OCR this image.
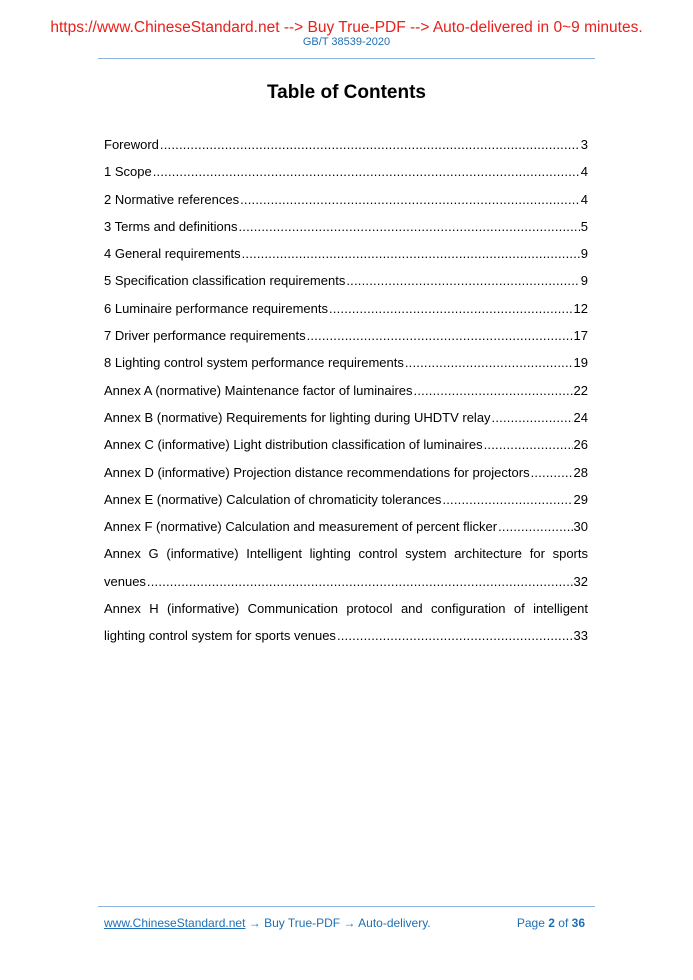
https://www.ChineseStandard.net --> Buy True-PDF --> Auto-delivered in 0~9 minutes.
GB/T 38539-2020
Table of Contents
Foreword .....	3
1 Scope .....	4
2 Normative references .....	4
3 Terms and definitions .....	5
4 General requirements .....	9
5 Specification classification requirements .....	9
6 Luminaire performance requirements .....	12
7 Driver performance requirements .....	17
8 Lighting control system performance requirements .....	19
Annex A (normative) Maintenance factor of luminaires .....	22
Annex B (normative) Requirements for lighting during UHDTV relay .....	24
Annex C (informative) Light distribution classification of luminaires .....	26
Annex D (informative) Projection distance recommendations for projectors .....	28
Annex E (normative) Calculation of chromaticity tolerances .....	29
Annex F (normative) Calculation and measurement of percent flicker .....	30
Annex G (informative) Intelligent lighting control system architecture for sports
venues .....	32
Annex H (informative) Communication protocol and configuration of intelligent
lighting control system for sports venues .....	33
www.ChineseStandard.net → Buy True-PDF → Auto-delivery.	Page 2 of 36
